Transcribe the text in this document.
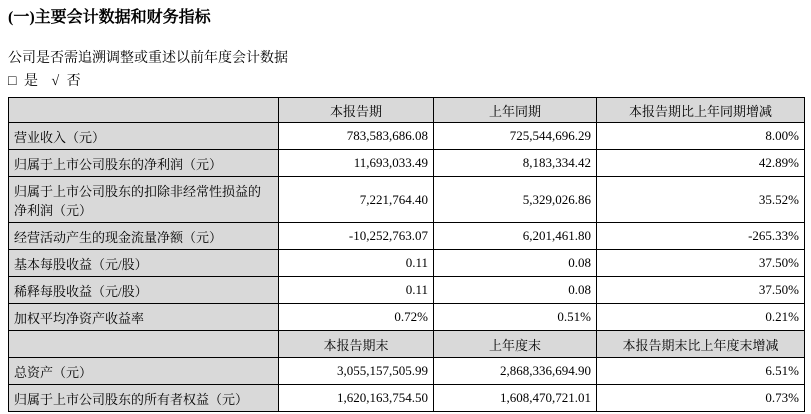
(一)主要会计数据和财务指标
公司是否需追溯调整或重述以前年度会计数据
□ 是 √ 否
	本报告期	上年同期	本报告期比上年同期增减
营业收入（元）	783,583,686.08	725,544,696.29	8.00%
归属于上市公司股东的净利润（元）	11,693,033.49	8,183,334.42	42.89%
归属于上市公司股东的扣除非经常性损益的净利润（元）	7,221,764.40	5,329,026.86	35.52%
经营活动产生的现金流量净额（元）	-10,252,763.07	6,201,461.80	-265.33%
基本每股收益（元/股）	0.11	0.08	37.50%
稀释每股收益（元/股）	0.11	0.08	37.50%
加权平均净资产收益率	0.72%	0.51%	0.21%
	本报告期末	上年度末	本报告期末比上年度末增减
总资产（元）	3,055,157,505.99	2,868,336,694.90	6.51%
归属于上市公司股东的所有者权益（元）	1,620,163,754.50	1,608,470,721.01	0.73%
